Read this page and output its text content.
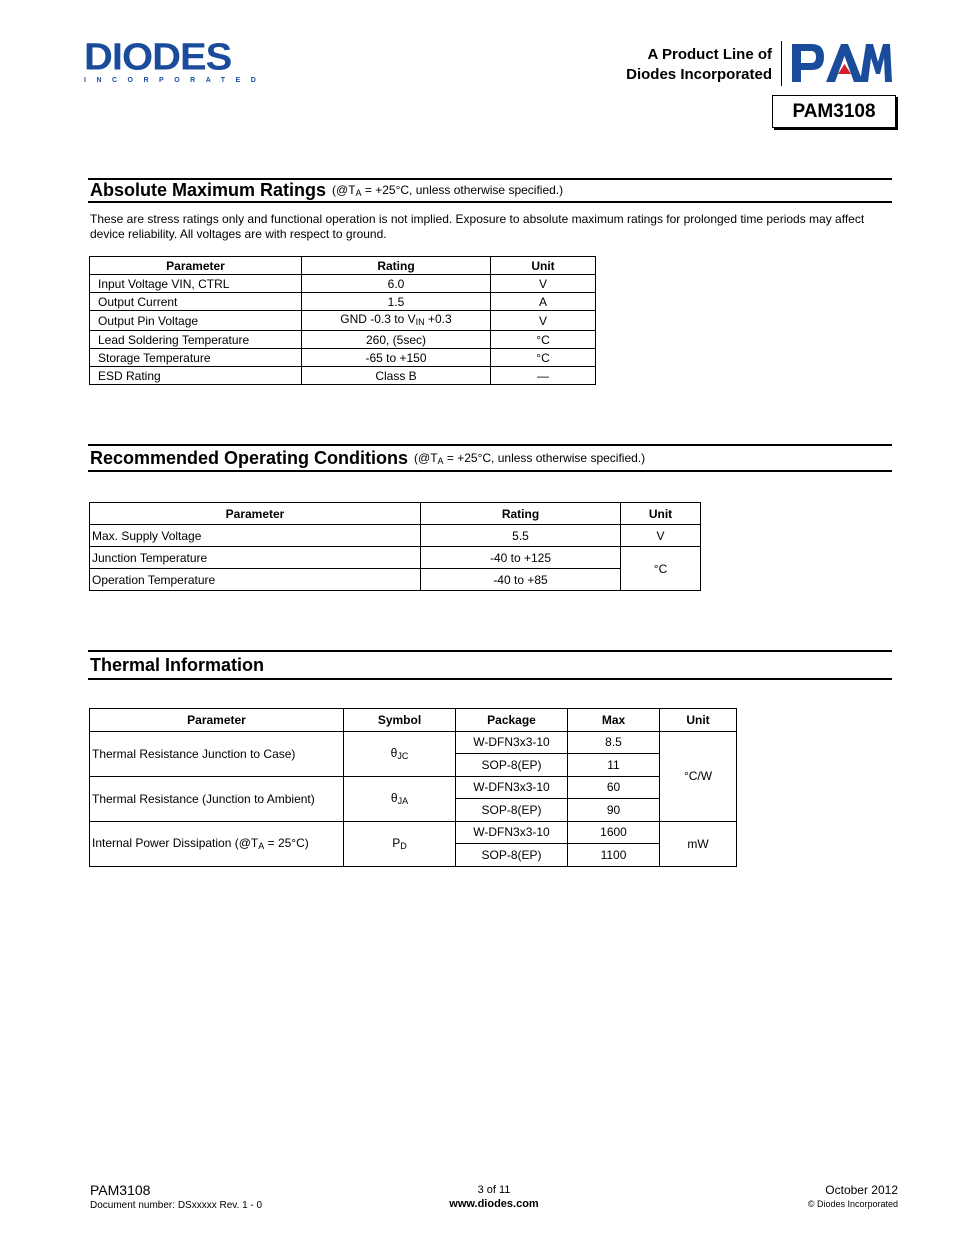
DIODES
INCORPORATED
A Product Line of
Diodes Incorporated
PAM
PAM3108
Absolute Maximum Ratings ($@T_A = +25^\circ C$, unless otherwise specified.)
These are stress ratings only and functional operation is not implied. Exposure to absolute maximum ratings for prolonged time periods may affect device reliability. All voltages are with respect to ground.
Parameter	Rating	Unit
Input Voltage VIN, CTRL	6.0	V
Output Current	1.5	A
Output Pin Voltage	GND -0.3 to $V_{IN} +0.3$	V
Lead Soldering Temperature	260, (5sec)	°C
Storage Temperature	-65 to +150	°C
ESD Rating	Class B	—
Recommended Operating Conditions ($@T_A = +25^\circ C$, unless otherwise specified.)
Parameter	Rating	Unit
Max. Supply Voltage	5.5	V
Junction Temperature	-40 to +125	°C
Operation Temperature	-40 to +85	
Thermal Information
Parameter	Symbol	Package	Max	Unit
Thermal Resistance Junction to Case)	$\theta_{JC}$	W-DFN3x3-10	8.5	°C/W
		SOP-8(EP)	11	
Thermal Resistance (Junction to Ambient)	$\theta_{JA}$	W-DFN3x3-10	60	
		SOP-8(EP)	90	
Internal Power Dissipation $(@T_A = 25^\circ C)$	$P_D$	W-DFN3x3-10	1600	mW
		SOP-8(EP)	1100	
PAM3108
Document number: DSxxxxx Rev. 1 - 0
3 of 11
www.diodes.com
October 2012
© Diodes Incorporated
